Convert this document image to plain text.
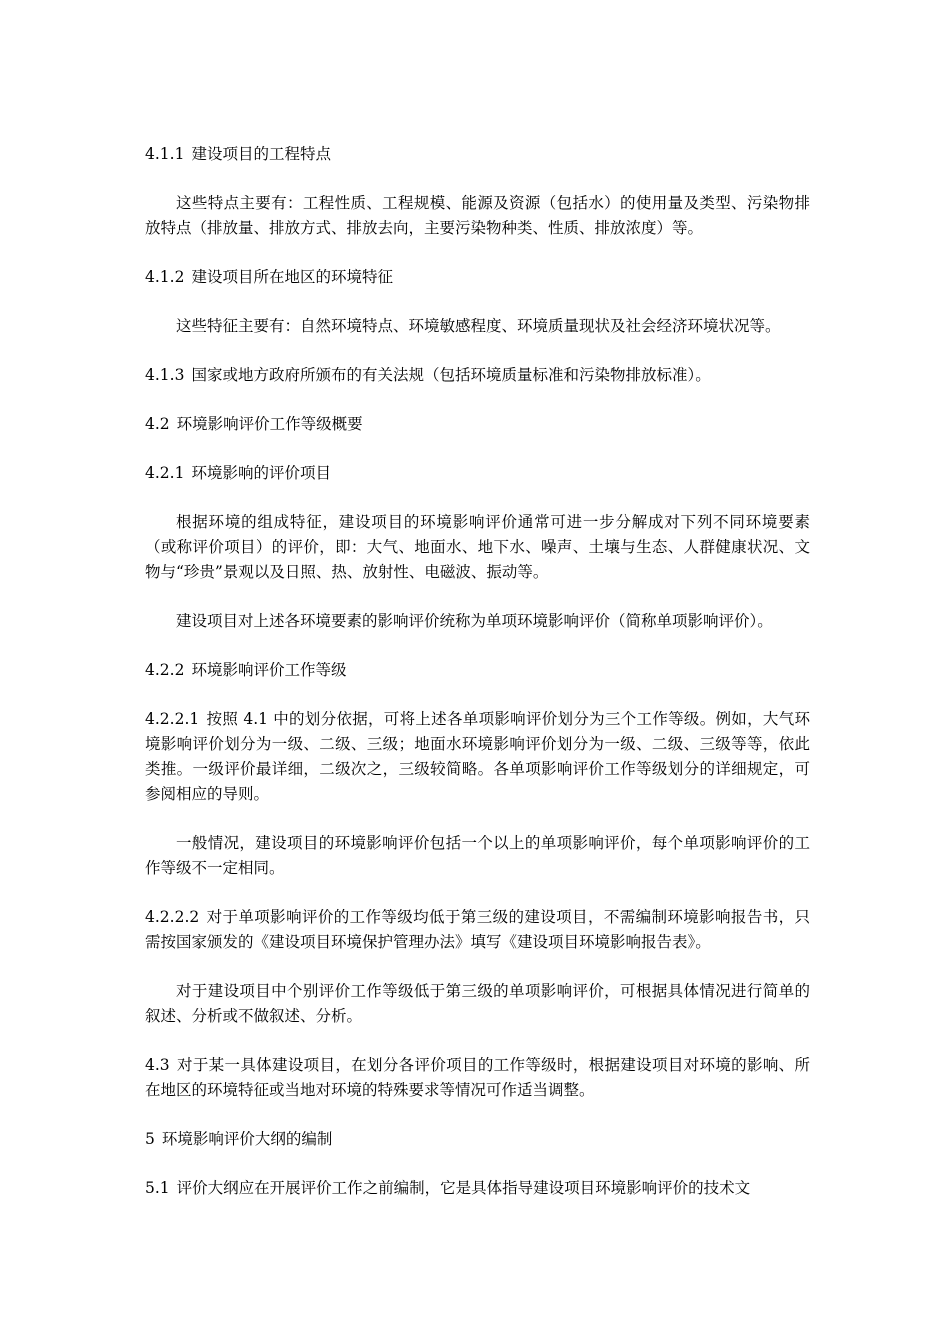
4.1.1 建设项目的工程特点

这些特点主要有：工程性质、工程规模、能源及资源（包括水）的使用量及类型、污染物排放特点（排放量、排放方式、排放去向，主要污染物种类、性质、排放浓度）等。

4.1.2 建设项目所在地区的环境特征

这些特征主要有：自然环境特点、环境敏感程度、环境质量现状及社会经济环境状况等。

4.1.3 国家或地方政府所颁布的有关法规（包括环境质量标准和污染物排放标准）。

4.2 环境影响评价工作等级概要

4.2.1 环境影响的评价项目

根据环境的组成特征，建设项目的环境影响评价通常可进一步分解成对下列不同环境要素（或称评价项目）的评价，即：大气、地面水、地下水、噪声、土壤与生态、人群健康状况、文物与“珍贵”景观以及日照、热、放射性、电磁波、振动等。

建设项目对上述各环境要素的影响评价统称为单项环境影响评价（简称单项影响评价）。

4.2.2 环境影响评价工作等级

4.2.2.1 按照 4.1 中的划分依据，可将上述各单项影响评价划分为三个工作等级。例如，大气环境影响评价划分为一级、二级、三级；地面水环境影响评价划分为一级、二级、三级等等，依此类推。一级评价最详细，二级次之，三级较简略。各单项影响评价工作等级划分的详细规定，可参阅相应的导则。

一般情况，建设项目的环境影响评价包括一个以上的单项影响评价，每个单项影响评价的工作等级不一定相同。

4.2.2.2 对于单项影响评价的工作等级均低于第三级的建设项目，不需编制环境影响报告书，只需按国家颁发的《建设项目环境保护管理办法》填写《建设项目环境影响报告表》。

对于建设项目中个别评价工作等级低于第三级的单项影响评价，可根据具体情况进行简单的叙述、分析或不做叙述、分析。

4.3 对于某一具体建设项目，在划分各评价项目的工作等级时，根据建设项目对环境的影响、所在地区的环境特征或当地对环境的特殊要求等情况可作适当调整。

5 环境影响评价大纲的编制

5.1 评价大纲应在开展评价工作之前编制，它是具体指导建设项目环境影响评价的技术文
